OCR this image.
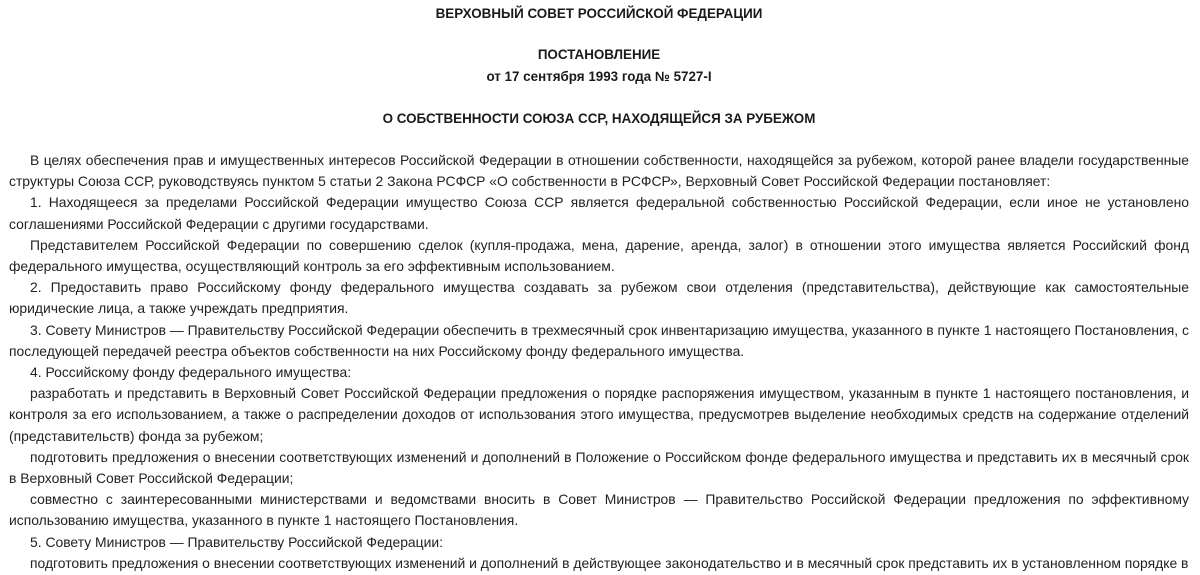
ВЕРХОВНЫЙ СОВЕТ РОССИЙСКОЙ ФЕДЕРАЦИИ
ПОСТАНОВЛЕНИЕ
от 17 сентября 1993 года № 5727-I
О СОБСТВЕННОСТИ СОЮЗА ССР, НАХОДЯЩЕЙСЯ ЗА РУБЕЖОМ

В целях обеспечения прав и имущественных интересов Российской Федерации в отношении собственности, находящейся за рубежом, которой ранее владели государственные структуры Союза ССР, руководствуясь пунктом 5 статьи 2 Закона РСФСР «О собственности в РСФСР», Верховный Совет Российской Федерации постановляет:

1. Находящееся за пределами Российской Федерации имущество Союза ССР является федеральной собственностью Российской Федерации, если иное не установлено соглашениями Российской Федерации с другими государствами.

Представителем Российской Федерации по совершению сделок (купля-продажа, мена, дарение, аренда, залог) в отношении этого имущества является Российский фонд федерального имущества, осуществляющий контроль за его эффективным использованием.

2. Предоставить право Российскому фонду федерального имущества создавать за рубежом свои отделения (представительства), действующие как самостоятельные юридические лица, а также учреждать предприятия.

3. Совету Министров — Правительству Российской Федерации обеспечить в трехмесячный срок инвентаризацию имущества, указанного в пункте 1 настоящего Постановления, с последующей передачей реестра объектов собственности на них Российскому фонду федерального имущества.

4. Российскому фонду федерального имущества:

разработать и представить в Верховный Совет Российской Федерации предложения о порядке распоряжения имуществом, указанным в пункте 1 настоящего постановления, и контроля за его использованием, а также о распределении доходов от использования этого имущества, предусмотрев выделение необходимых средств на содержание отделений (представительств) фонда за рубежом;

подготовить предложения о внесении соответствующих изменений и дополнений в Положение о Российском фонде федерального имущества и представить их в месячный срок в Верховный Совет Российской Федерации;

совместно с заинтересованными министерствами и ведомствами вносить в Совет Министров — Правительство Российской Федерации предложения по эффективному использованию имущества, указанного в пункте 1 настоящего Постановления.

5. Совету Министров — Правительству Российской Федерации:

подготовить предложения о внесении соответствующих изменений и дополнений в действующее законодательство и в месячный срок представить их в установленном порядке в
